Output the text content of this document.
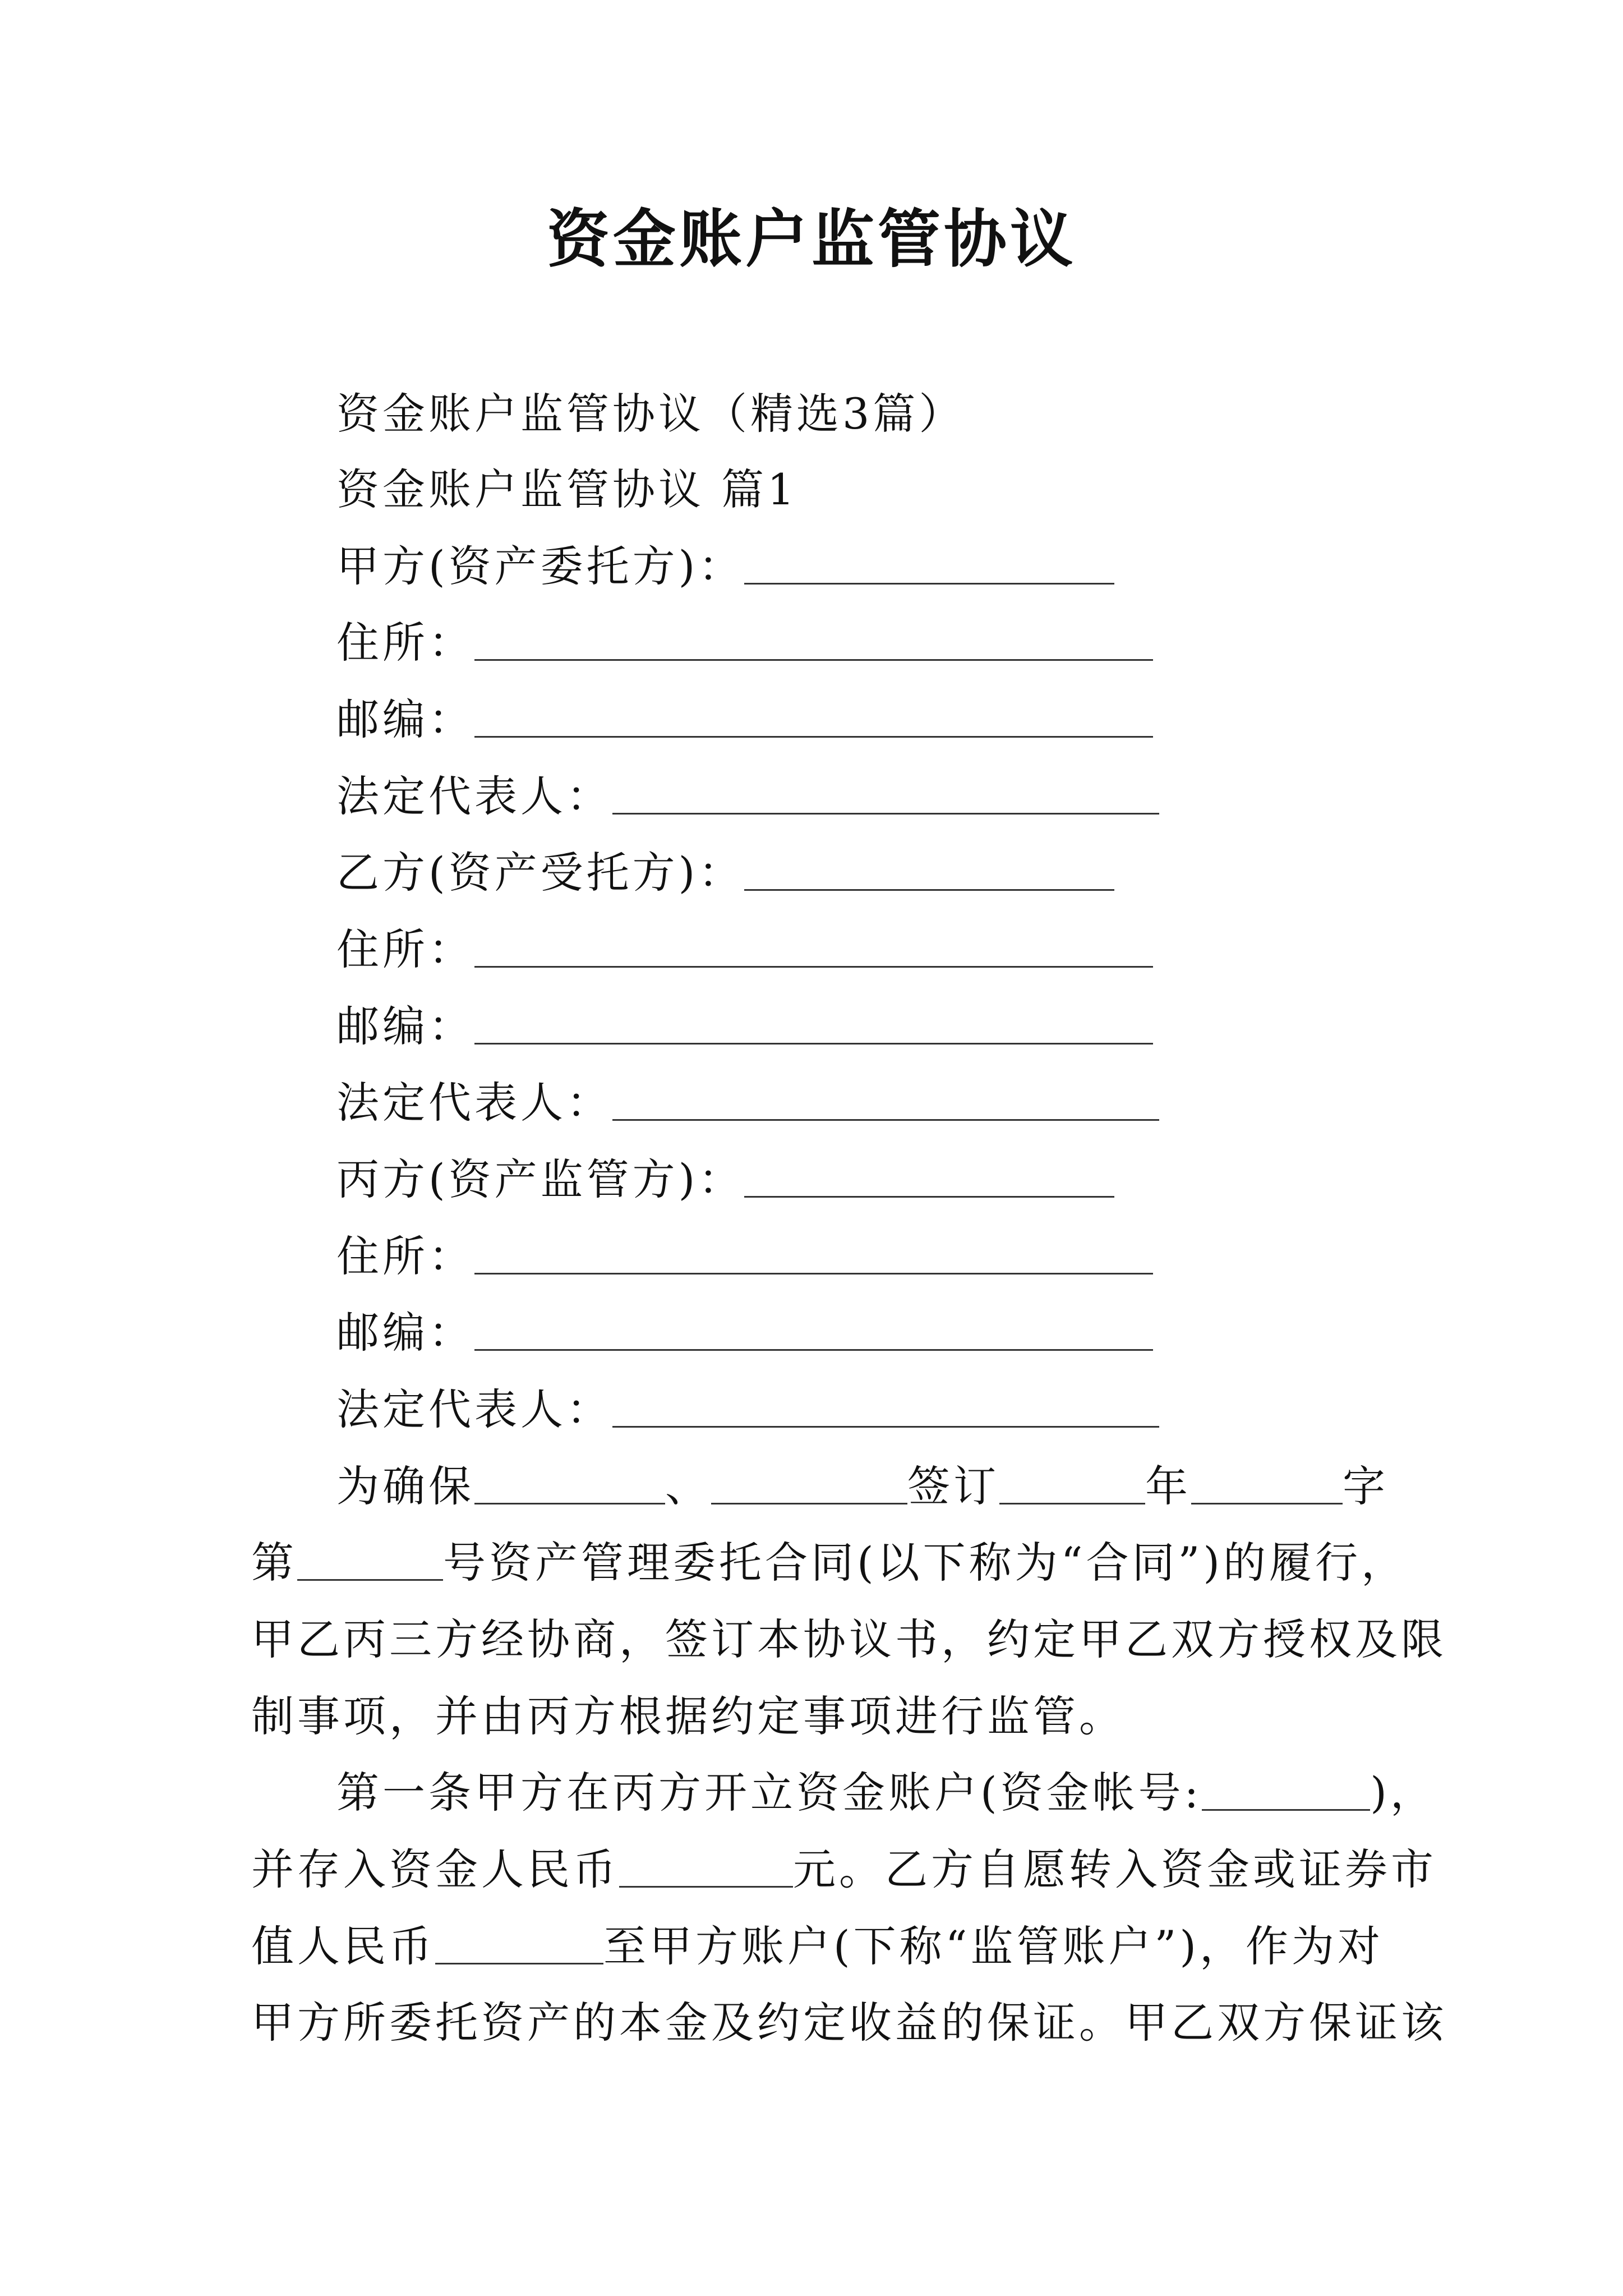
资金账户监管协议
资金账户监管协议（精选3篇）
资金账户监管协议 篇1
甲方(资产委托方)：
住所：
邮编：
法定代表人：
乙方(资产受托方)：
住所：
邮编：
法定代表人：
丙方(资产监管方)：
住所：
邮编：
法定代表人：
为确保	、	签订	年	字
第	号资产管理委托合同(以下称为“合同”)的履行，
甲乙丙三方经协商，签订本协议书，约定甲乙双方授权及限
制事项，并由丙方根据约定事项进行监管。
第一条甲方在丙方开立资金账户(资金帐号:	)，
并存入资金人民币	元。乙方自愿转入资金或证券市
值人民币	至甲方账户(下称“监管账户”)，作为对
甲方所委托资产的本金及约定收益的保证。甲乙双方保证该
